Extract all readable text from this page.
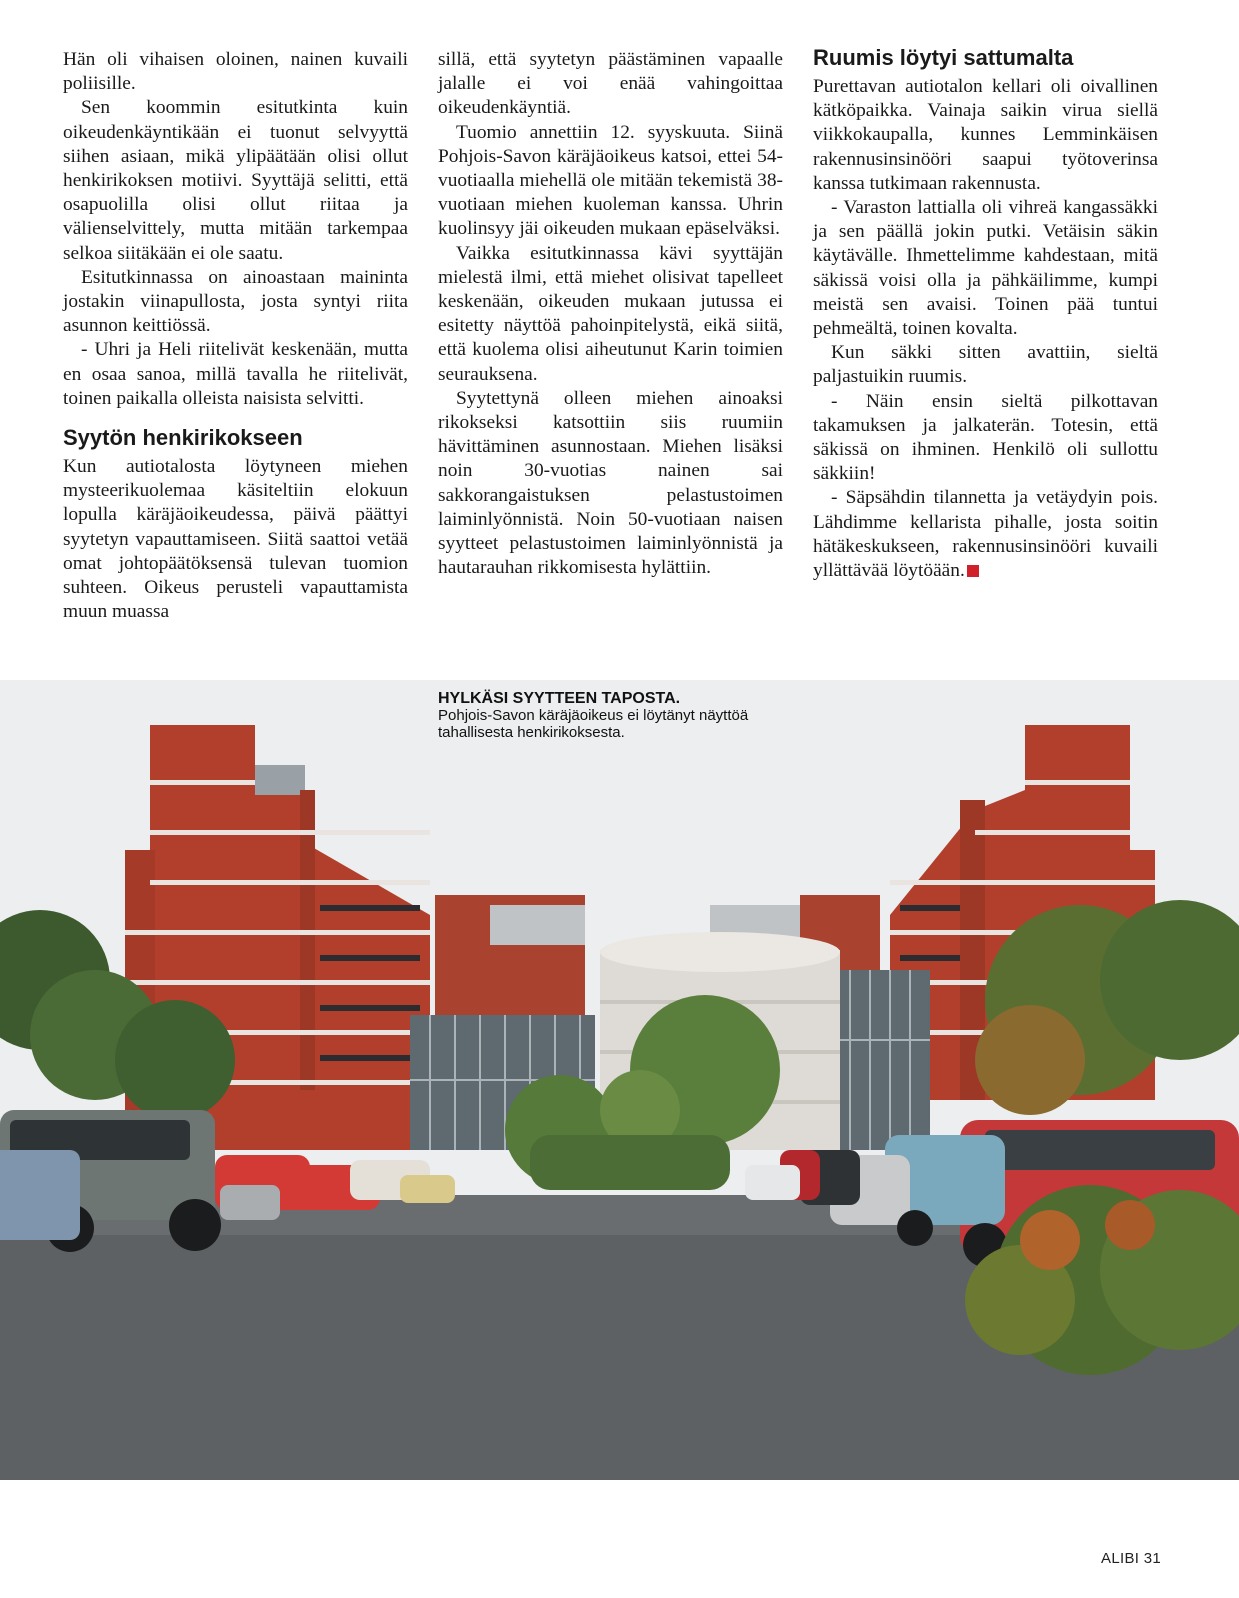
Hän oli vihaisen oloinen, nainen kuvaili poliisille.

Sen koommin esitutkinta kuin oikeudenkäyntikään ei tuonut selvyyttä siihen asiaan, mikä ylipäätään olisi ollut henkirikoksen motiivi. Syyttäjä selitti, että osapuolilla olisi ollut riitaa ja välienselvittely, mutta mitään tarkempaa selkoa siitäkään ei ole saatu.

Esitutkinnassa on ainoastaan maininta jostakin viinapullosta, josta syntyi riita asunnon keittiössä.

- Uhri ja Heli riitelivät keskenään, mutta en osaa sanoa, millä tavalla he riitelivät, toinen paikalla olleista naisista selvitti.

Syytön henkirikokseen

Kun autiotalosta löytyneen miehen mysteerikuolemaa käsiteltiin elokuun lopulla käräjäoikeudessa, päivä päättyi syytetyn vapauttamiseen. Siitä saattoi vetää omat johtopäätöksensä tulevan tuomion suhteen. Oikeus perusteli vapauttamista muun muassa

sillä, että syytetyn päästäminen vapaalle jalalle ei voi enää vahingoittaa oikeudenkäyntiä.

Tuomio annettiin 12. syyskuuta. Siinä Pohjois-Savon käräjäoikeus katsoi, ettei 54-vuotiaalla miehellä ole mitään tekemistä 38-vuotiaan miehen kuoleman kanssa. Uhrin kuolinsyy jäi oikeuden mukaan epäselväksi.

Vaikka esitutkinnassa kävi syyttäjän mielestä ilmi, että miehet olisivat tapelleet keskenään, oikeuden mukaan jutussa ei esitetty näyttöä pahoinpitelystä, eikä siitä, että kuolema olisi aiheutunut Karin toimien seurauksena.

Syytettynä olleen miehen ainoaksi rikokseksi katsottiin siis ruumiin hävittäminen asunnostaan. Miehen lisäksi noin 30-vuotias nainen sai sakkorangaistuksen pelastustoimen laiminlyönnistä. Noin 50-vuotiaan naisen syytteet pelastustoimen laiminlyönnistä ja hautarauhan rikkomisesta hylättiin.

Ruumis löytyi sattumalta

Purettavan autiotalon kellari oli oivallinen kätköpaikka. Vainaja saikin virua siellä viikkokaupalla, kunnes Lemminkäisen rakennusinsinööri saapui työtoverinsa kanssa tutkimaan rakennusta.

- Varaston lattialla oli vihreä kangassäkki ja sen päällä jokin putki. Vetäisin säkin käytävälle. Ihmettelimme kahdestaan, mitä säkissä voisi olla ja pähkäilimme, kumpi meistä sen avaisi. Toinen pää tuntui pehmeältä, toinen kovalta.

Kun säkki sitten avattiin, sieltä paljastuikin ruumis.

- Näin ensin sieltä pilkottavan takamuksen ja jalkaterän. Totesin, että säkissä on ihminen. Henkilö oli sullottu säkkiin!

- Säpsähdin tilannetta ja vetäydyin pois. Lähdimme kellarista pihalle, josta soitin hätäkeskukseen, rakennusinsinööri kuvaili yllättävää löytöään.

HYLKÄSI SYYTTEEN TAPOSTA.
Pohjois-Savon käräjäoikeus ei löytänyt näyttöä tahallisesta henkirikoksesta.
ALIBI 31
